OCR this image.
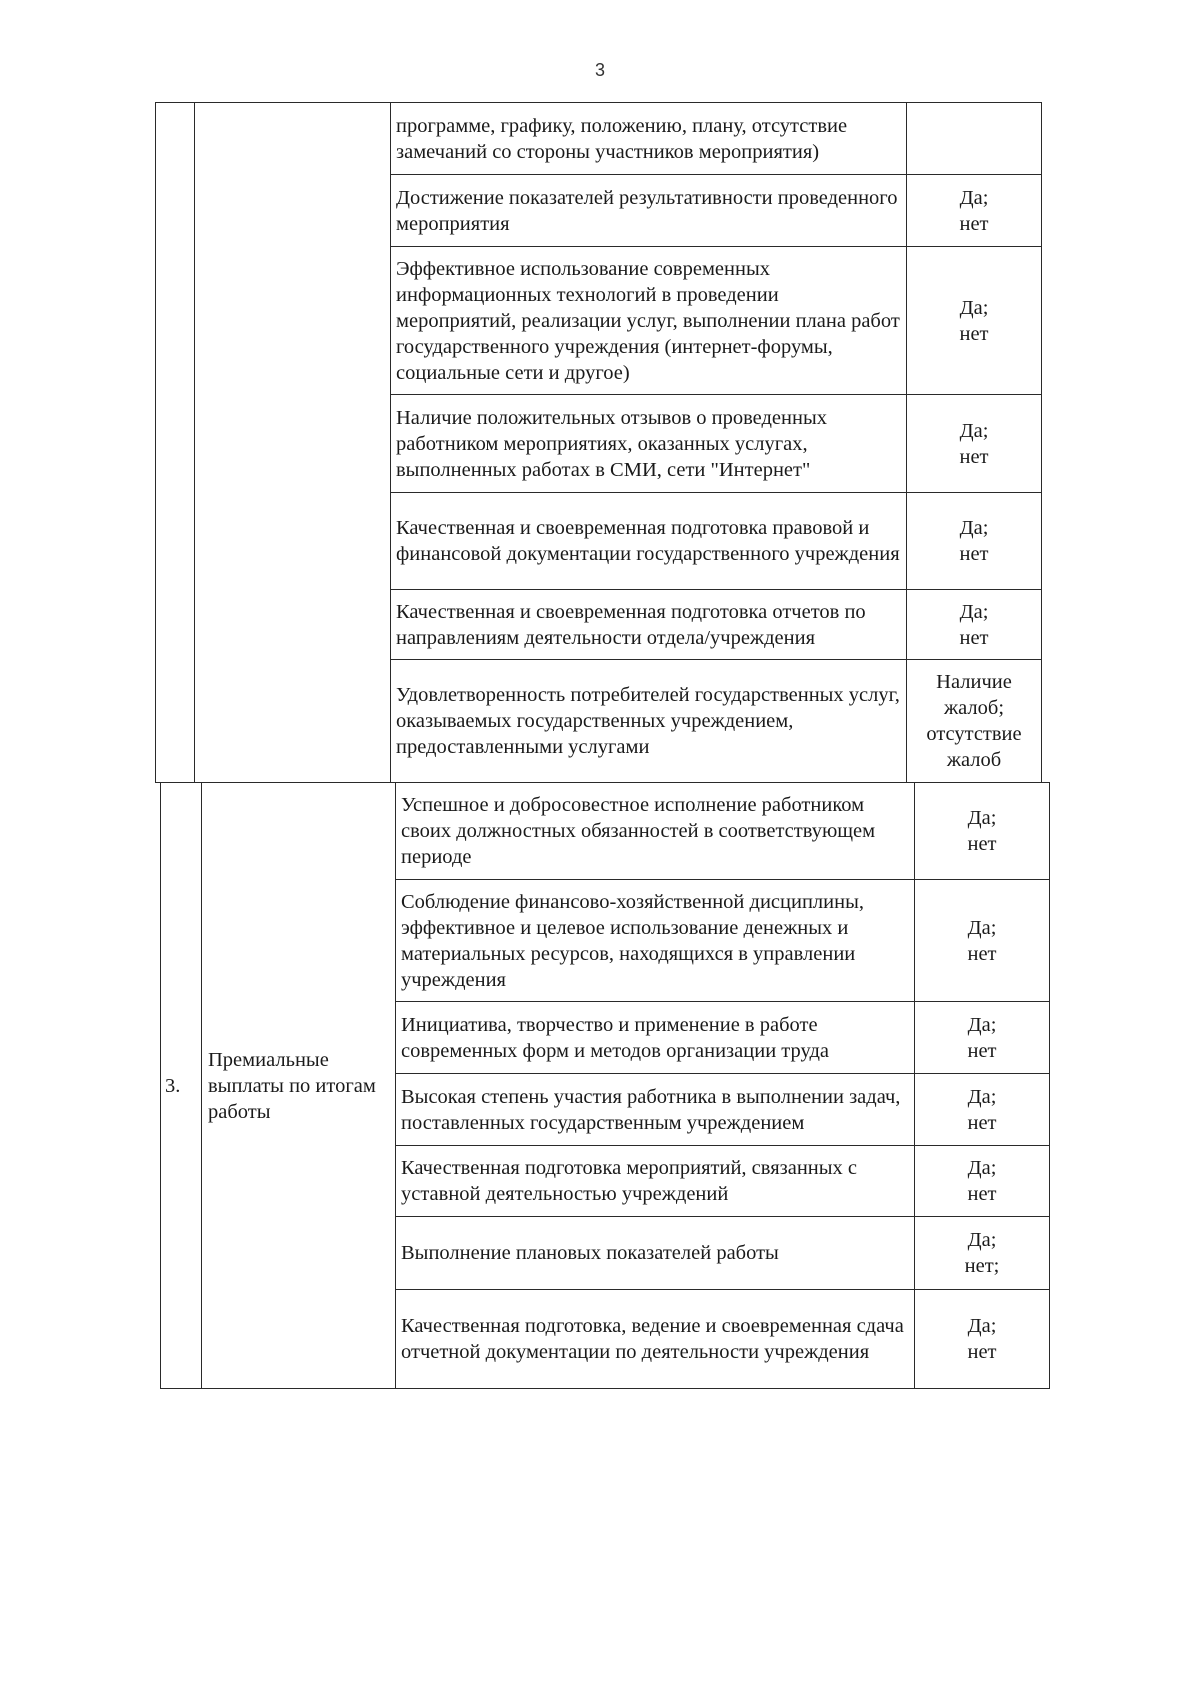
3

		программе, графику, положению, плану, отсутствие замечаний со стороны участников мероприятия)	

		Достижение показателей результативности проведенного мероприятия	Да;
нет

		Эффективное использование современных информационных технологий в проведении мероприятий, реализации услуг, выполнении плана работ государственного учреждения (интернет-форумы, социальные сети и другое)	Да;
нет

		Наличие положительных отзывов о проведенных работником мероприятиях, оказанных услугах, выполненных работах в СМИ, сети "Интернет"	Да;
нет

		Качественная и своевременная подготовка правовой и финансовой документации государственного учреждения	Да;
нет

		Качественная и своевременная подготовка отчетов по направлениям деятельности отдела/учреждения	Да;
нет

		Удовлетворенность потребителей государственных услуг, оказываемых государственных учреждением, предоставленными услугами	Наличие
жалоб;
отсутствие
жалоб
3.	Премиальные выплаты по итогам работы	Успешное и добросовестное исполнение работником своих должностных обязанностей в соответствующем периоде	Да;
нет

		Соблюдение финансово-хозяйственной дисциплины, эффективное и целевое использование денежных и материальных ресурсов, находящихся в управлении учреждения	Да;
нет

		Инициатива, творчество и применение в работе современных форм и методов организации труда	Да;
нет

		Высокая степень участия работника в выполнении задач, поставленных государственным учреждением	Да;
нет

		Качественная подготовка мероприятий, связанных с уставной деятельностью учреждений	Да;
нет

		Выполнение плановых показателей работы	Да;
нет;

		Качественная подготовка, ведение и своевременная сдача отчетной документации по деятельности учреждения	Да;
нет
